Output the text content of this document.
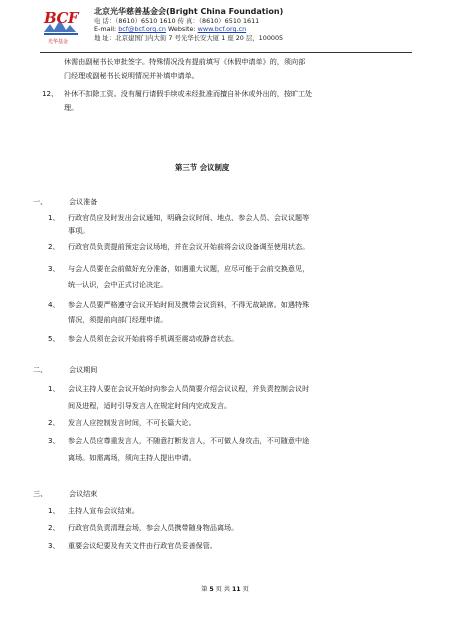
BCF
光华基金
北京光华慈善基金会(Bright China Foundation)
电 话：（8610）6510 1610 传 真：（8610）6510 1611
E-mail: bcf@bcf.org.cn Website: www.bcf.org.cn
地 址：北京建国门内大街 7 号光华长安大厦 1 座 20 层，100005
休需由副秘书长审批签字。特殊情况没有提前填写《休假申请单》的，须向部
门经理或副秘书长说明情况并补填申请单。
12、 补休不扣除工资。没有履行请假手续或未经批准而擅自补休或外出的，按旷工处
理。
第三节 会议制度
一、	会议准备
1、 行政官员应及时发出会议通知，明确会议时间、地点、参会人员、会议议题等
事项。
2、 行政官员负责提前预定会议场地，并在会议开始前将会议设备调至使用状态。
3、 与会人员要在会前做好充分准备，如遇重大议题，应尽可能于会前交换意见，
统一认识，会中正式讨论决定。
4、 参会人员要严格遵守会议开始时间及携带会议资料，不得无故缺席。如遇特殊
情况，须提前向部门经理申请。
5、 参会人员须在会议开始前将手机调至震动或静音状态。
二、	会议期间
1、 会议主持人要在会议开始时向参会人员简要介绍会议议程，并负责控制会议时
间及进程，适时引导发言人在规定时间内完成发言。
2、 发言人应控制发言时间，不可长篇大论。
3、 参会人员应尊重发言人，不随意打断发言人，不可做人身攻击，不可随意中途
离场。如需离场，须向主持人提出申请。
三、	会议结束
1、 主持人宣布会议结束。
2、 行政官员负责清理会场，参会人员携带随身物品离场。
3、 重要会议纪要及有关文件由行政官员妥善保管。
第 5 页 共 11 页
